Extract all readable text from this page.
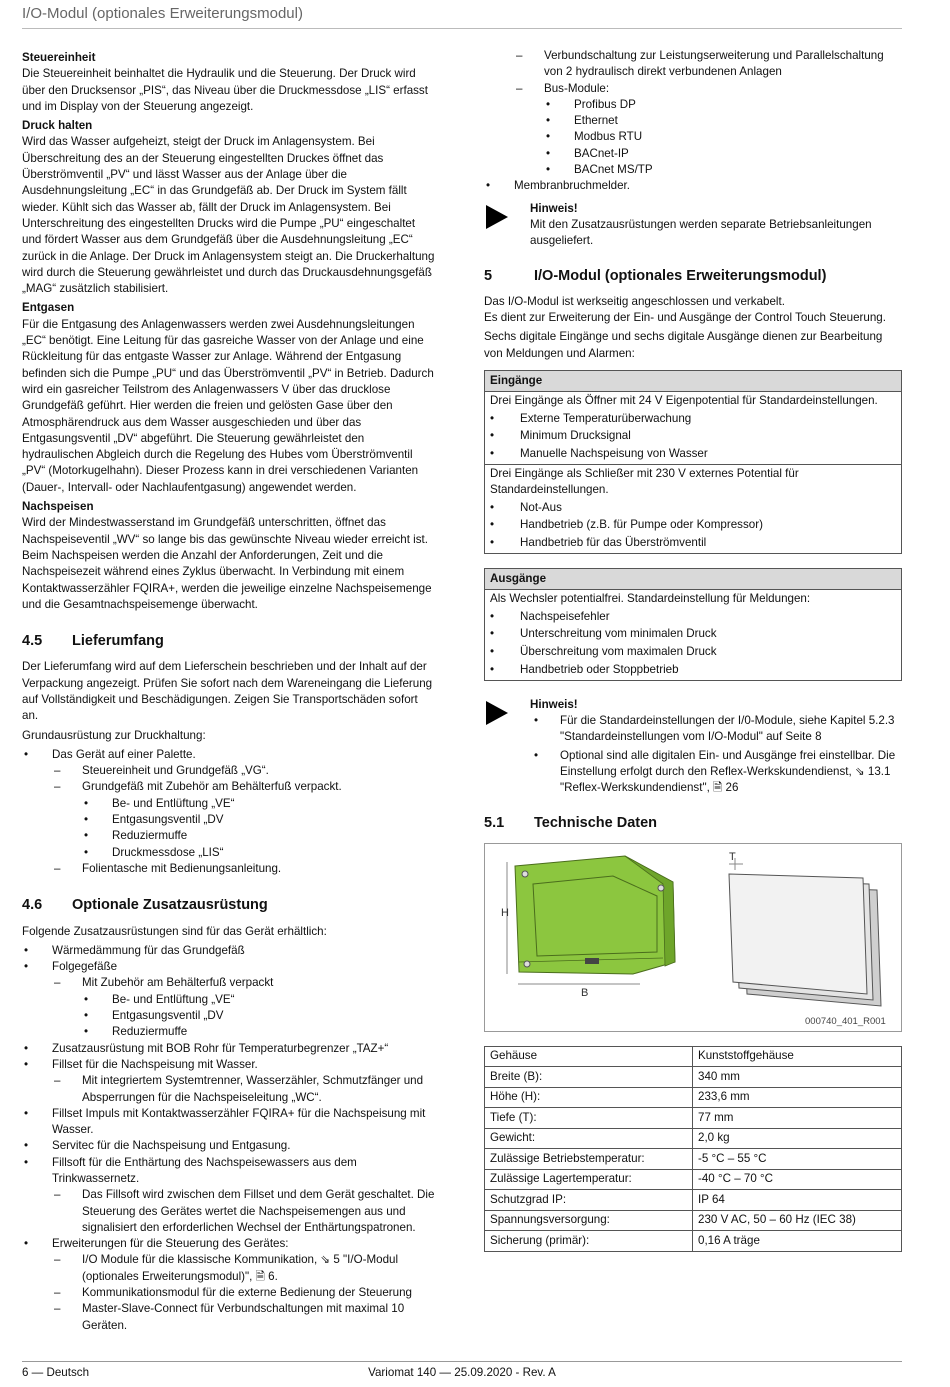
I/O-Modul (optionales Erweiterungsmodul)

Steuereinheit

Die Steuereinheit beinhaltet die Hydraulik und die Steuerung. Der Druck wird über den Drucksensor „PIS“, das Niveau über die Druckmessdose „LIS“ erfasst und im Display von der Steuerung angezeigt.

Druck halten

Wird das Wasser aufgeheizt, steigt der Druck im Anlagensystem. Bei Überschreitung des an der Steuerung eingestellten Druckes öffnet das Überströmventil „PV“ und lässt Wasser aus der Anlage über die Ausdehnungsleitung „EC“ in das Grundgefäß ab. Der Druck im System fällt wieder. Kühlt sich das Wasser ab, fällt der Druck im Anlagensystem. Bei Unterschreitung des eingestellten Drucks wird die Pumpe „PU“ eingeschaltet und fördert Wasser aus dem Grundgefäß über die Ausdehnungsleitung „EC“ zurück in die Anlage. Der Druck im Anlagensystem steigt an. Die Druckerhaltung wird durch die Steuerung gewährleistet und durch das Druckausdehnungsgefäß „MAG“ zusätzlich stabilisiert.

Entgasen

Für die Entgasung des Anlagenwassers werden zwei Ausdehnungsleitungen „EC“ benötigt. Eine Leitung für das gasreiche Wasser von der Anlage und eine Rückleitung für das entgaste Wasser zur Anlage. Während der Entgasung befinden sich die Pumpe „PU“ und das Überströmventil „PV“ in Betrieb. Dadurch wird ein gasreicher Teilstrom des Anlagenwassers V über das drucklose Grundgefäß geführt. Hier werden die freien und gelösten Gase über den Atmosphärendruck aus dem Wasser ausgeschieden und über das Entgasungsventil „DV“ abgeführt. Die Steuerung gewährleistet den hydraulischen Abgleich durch die Regelung des Hubes vom Überströmventil „PV“ (Motorkugelhahn). Dieser Prozess kann in drei verschiedenen Varianten (Dauer-, Intervall- oder Nachlaufentgasung) angewendet werden.

Nachspeisen

Wird der Mindestwasserstand im Grundgefäß unterschritten, öffnet das Nachspeiseventil „WV“ so lange bis das gewünschte Niveau wieder erreicht ist. Beim Nachspeisen werden die Anzahl der Anforderungen, Zeit und die Nachspeisezeit während eines Zyklus überwacht. In Verbindung mit einem Kontaktwasserzähler FQIRA+, werden die jeweilige einzelne Nachspeisemenge und die Gesamtnachspeisemenge überwacht.

4.5	Lieferumfang

Der Lieferumfang wird auf dem Lieferschein beschrieben und der Inhalt auf der Verpackung angezeigt. Prüfen Sie sofort nach dem Wareneingang die Lieferung auf Vollständigkeit und Beschädigungen. Zeigen Sie Transportschäden sofort an.

Grundausrüstung zur Druckhaltung:

• Das Gerät auf einer Palette.
– Steuereinheit und Grundgefäß „VG“.
– Grundgefäß mit Zubehör am Behälterfuß verpackt.
• Be- und Entlüftung „VE“
• Entgasungsventil „DV
• Reduziermuffe
• Druckmessdose „LIS“
– Folientasche mit Bedienungsanleitung.
4.6	Optionale Zusatzausrüstung

Folgende Zusatzausrüstungen sind für das Gerät erhältlich:

• Wärmedämmung für das Grundgefäß
• Folgegefäße
– Mit Zubehör am Behälterfuß verpackt
• Be- und Entlüftung „VE“
• Entgasungsventil „DV
• Reduziermuffe
• Zusatzausrüstung mit BOB Rohr für Temperaturbegrenzer „TAZ+“
• Fillset für die Nachspeisung mit Wasser.
– Mit integriertem Systemtrenner, Wasserzähler, Schmutzfänger und Absperrungen für die Nachspeiseleitung „WC“.
• Fillset Impuls mit Kontaktwasserzähler FQIRA+ für die Nachspeisung mit Wasser.
• Servitec für die Nachspeisung und Entgasung.
• Fillsoft für die Enthärtung des Nachspeisewassers aus dem Trinkwassernetz.
– Das Fillsoft wird zwischen dem Fillset und dem Gerät geschaltet. Die Steuerung des Gerätes wertet die Nachspeisemengen aus und signalisiert den erforderlichen Wechsel der Enthärtungspatronen.
• Erweiterungen für die Steuerung des Gerätes:
– I/O Module für die klassische Kommunikation, ⇘ 5 "I/O-Modul (optionales Erweiterungsmodul)", 🗎 6.
– Kommunikationsmodul für die externe Bedienung der Steuerung
– Master-Slave-Connect für Verbundschaltungen mit maximal 10 Geräten.
– Verbundschaltung zur Leistungserweiterung und Parallelschaltung von 2 hydraulisch direkt verbundenen Anlagen
– Bus-Module:
• Profibus DP
• Ethernet
• Modbus RTU
• BACnet-IP
• BACnet MS/TP
• Membranbruchmelder.
Hinweis!
Mit den Zusatzausrüstungen werden separate Betriebsanleitungen ausgeliefert.
5	I/O-Modul (optionales Erweiterungsmodul)

Das I/O-Modul ist werkseitig angeschlossen und verkabelt.

Es dient zur Erweiterung der Ein- und Ausgänge der Control Touch Steuerung.

Sechs digitale Eingänge und sechs digitale Ausgänge dienen zur Bearbeitung von Meldungen und Alarmen:

Eingänge
Drei Eingänge als Öffner mit 24 V Eigenpotential für Standardeinstellungen.
• Externe Temperaturüberwachung
• Minimum Drucksignal
• Manuelle Nachspeisung von Wasser
Drei Eingänge als Schließer mit 230 V externes Potential für Standardeinstellungen.
• Not-Aus
• Handbetrieb (z.B. für Pumpe oder Kompressor)
• Handbetrieb für das Überströmventil
Ausgänge
Als Wechsler potentialfrei. Standardeinstellung für Meldungen:
• Nachspeisefehler
• Unterschreitung vom minimalen Druck
• Überschreitung vom maximalen Druck
• Handbetrieb oder Stoppbetrieb
Hinweis!
• Für die Standardeinstellungen der I/0-Module, siehe Kapitel 5.2.3 "Standardeinstellungen vom I/O-Modul" auf Seite 8
• Optional sind alle digitalen Ein- und Ausgänge frei einstellbar. Die Einstellung erfolgt durch den Reflex-Werkskundendienst, ⇘ 13.1 "Reflex-Werkskundendienst", 🗎 26
5.1	Technische Daten
H
B
T
000740_401_R001
Gehäuse	Kunststoffgehäuse
Breite (B):	340 mm
Höhe (H):	233,6 mm
Tiefe (T):	77 mm
Gewicht:	2,0 kg
Zulässige Betriebstemperatur:	-5 °C – 55 °C
Zulässige Lagertemperatur:	-40 °C – 70 °C
Schutzgrad IP:	IP 64
Spannungsversorgung:	230 V AC, 50 – 60 Hz (IEC 38)
Sicherung (primär):	0,16 A träge
6 — Deutsch	Variomat 140 — 25.09.2020 - Rev. A
